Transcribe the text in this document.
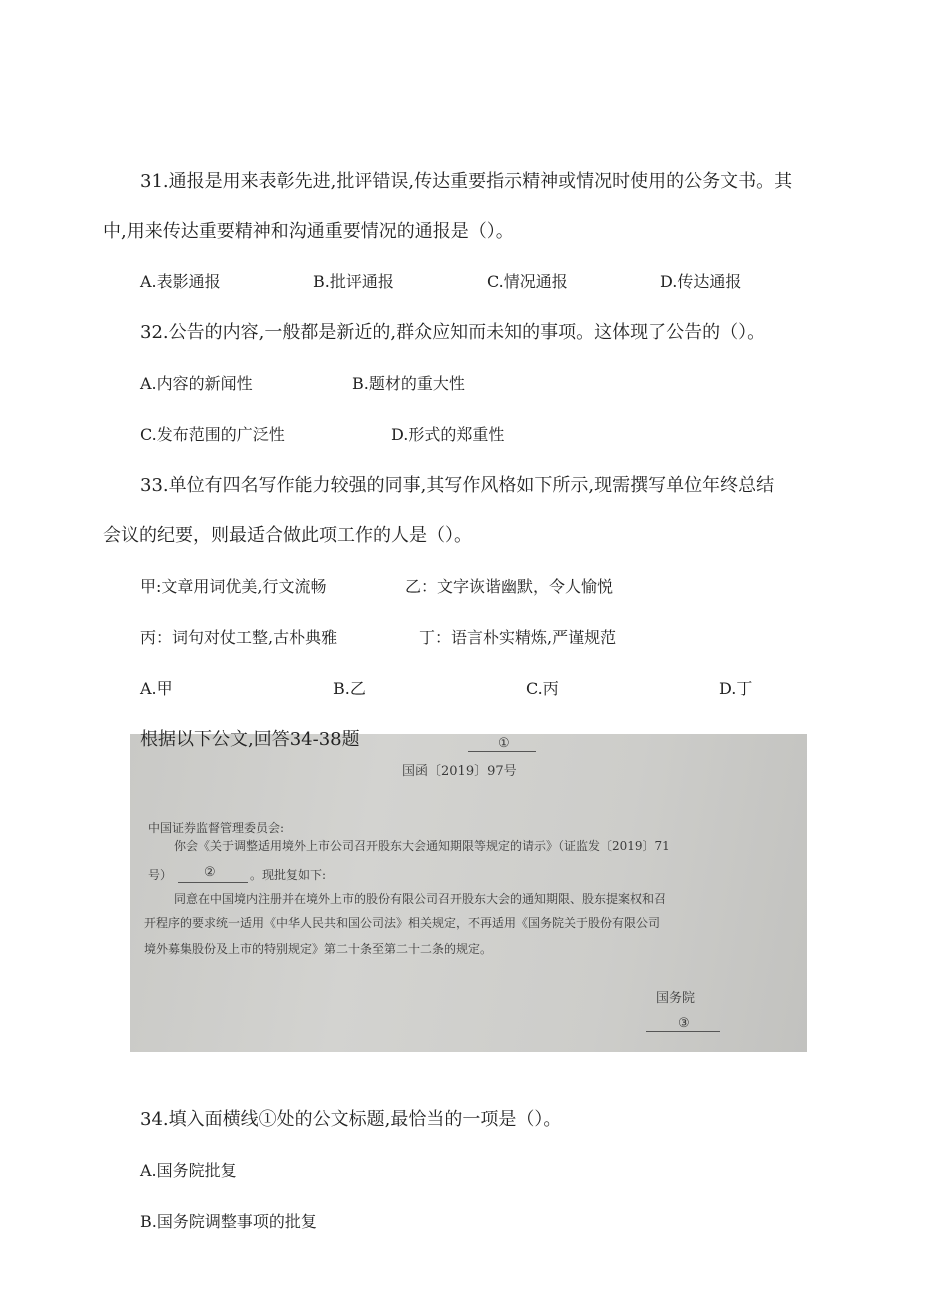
31.通报是用来表彰先进,批评错误,传达重要指示精神或情况时使用的公务文书。其
中,用来传达重要精神和沟通重要情况的通报是（）。
A.表影通报	B.批评通报	C.情况通报	D.传达通报
32.公告的内容,一般都是新近的,群众应知而未知的事项。这体现了公告的（）。
A.内容的新闻性	B.题材的重大性
C.发布范围的广泛性	D.形式的郑重性
33.单位有四名写作能力较强的同事,其写作风格如下所示,现需撰写单位年终总结
会议的纪要，则最适合做此项工作的人是（）。
甲:文章用词优美,行文流畅	乙：文字诙谐幽默，令人愉悦
丙：词句对仗工整,古朴典雅	丁：语言朴实精炼,严谨规范
A.甲	B.乙	C.丙	D.丁
①
国函〔2019〕97号
中国证券监督管理委员会:
你会《关于调整适用境外上市公司召开股东大会通知期限等规定的请示》（证监发〔2019〕71
号） ②	。现批复如下:
同意在中国境内注册并在境外上市的股份有限公司召开股东大会的通知期限、股东提案权和召
开程序的要求统一适用《中华人民共和国公司法》相关规定，不再适用《国务院关于股份有限公司
境外募集股份及上市的特别规定》第二十条至第二十二条的规定。
国务院
③
根据以下公文,回答34-38题
34.填入面横线①处的公文标题,最恰当的一项是（）。
A.国务院批复
B.国务院调整事项的批复
